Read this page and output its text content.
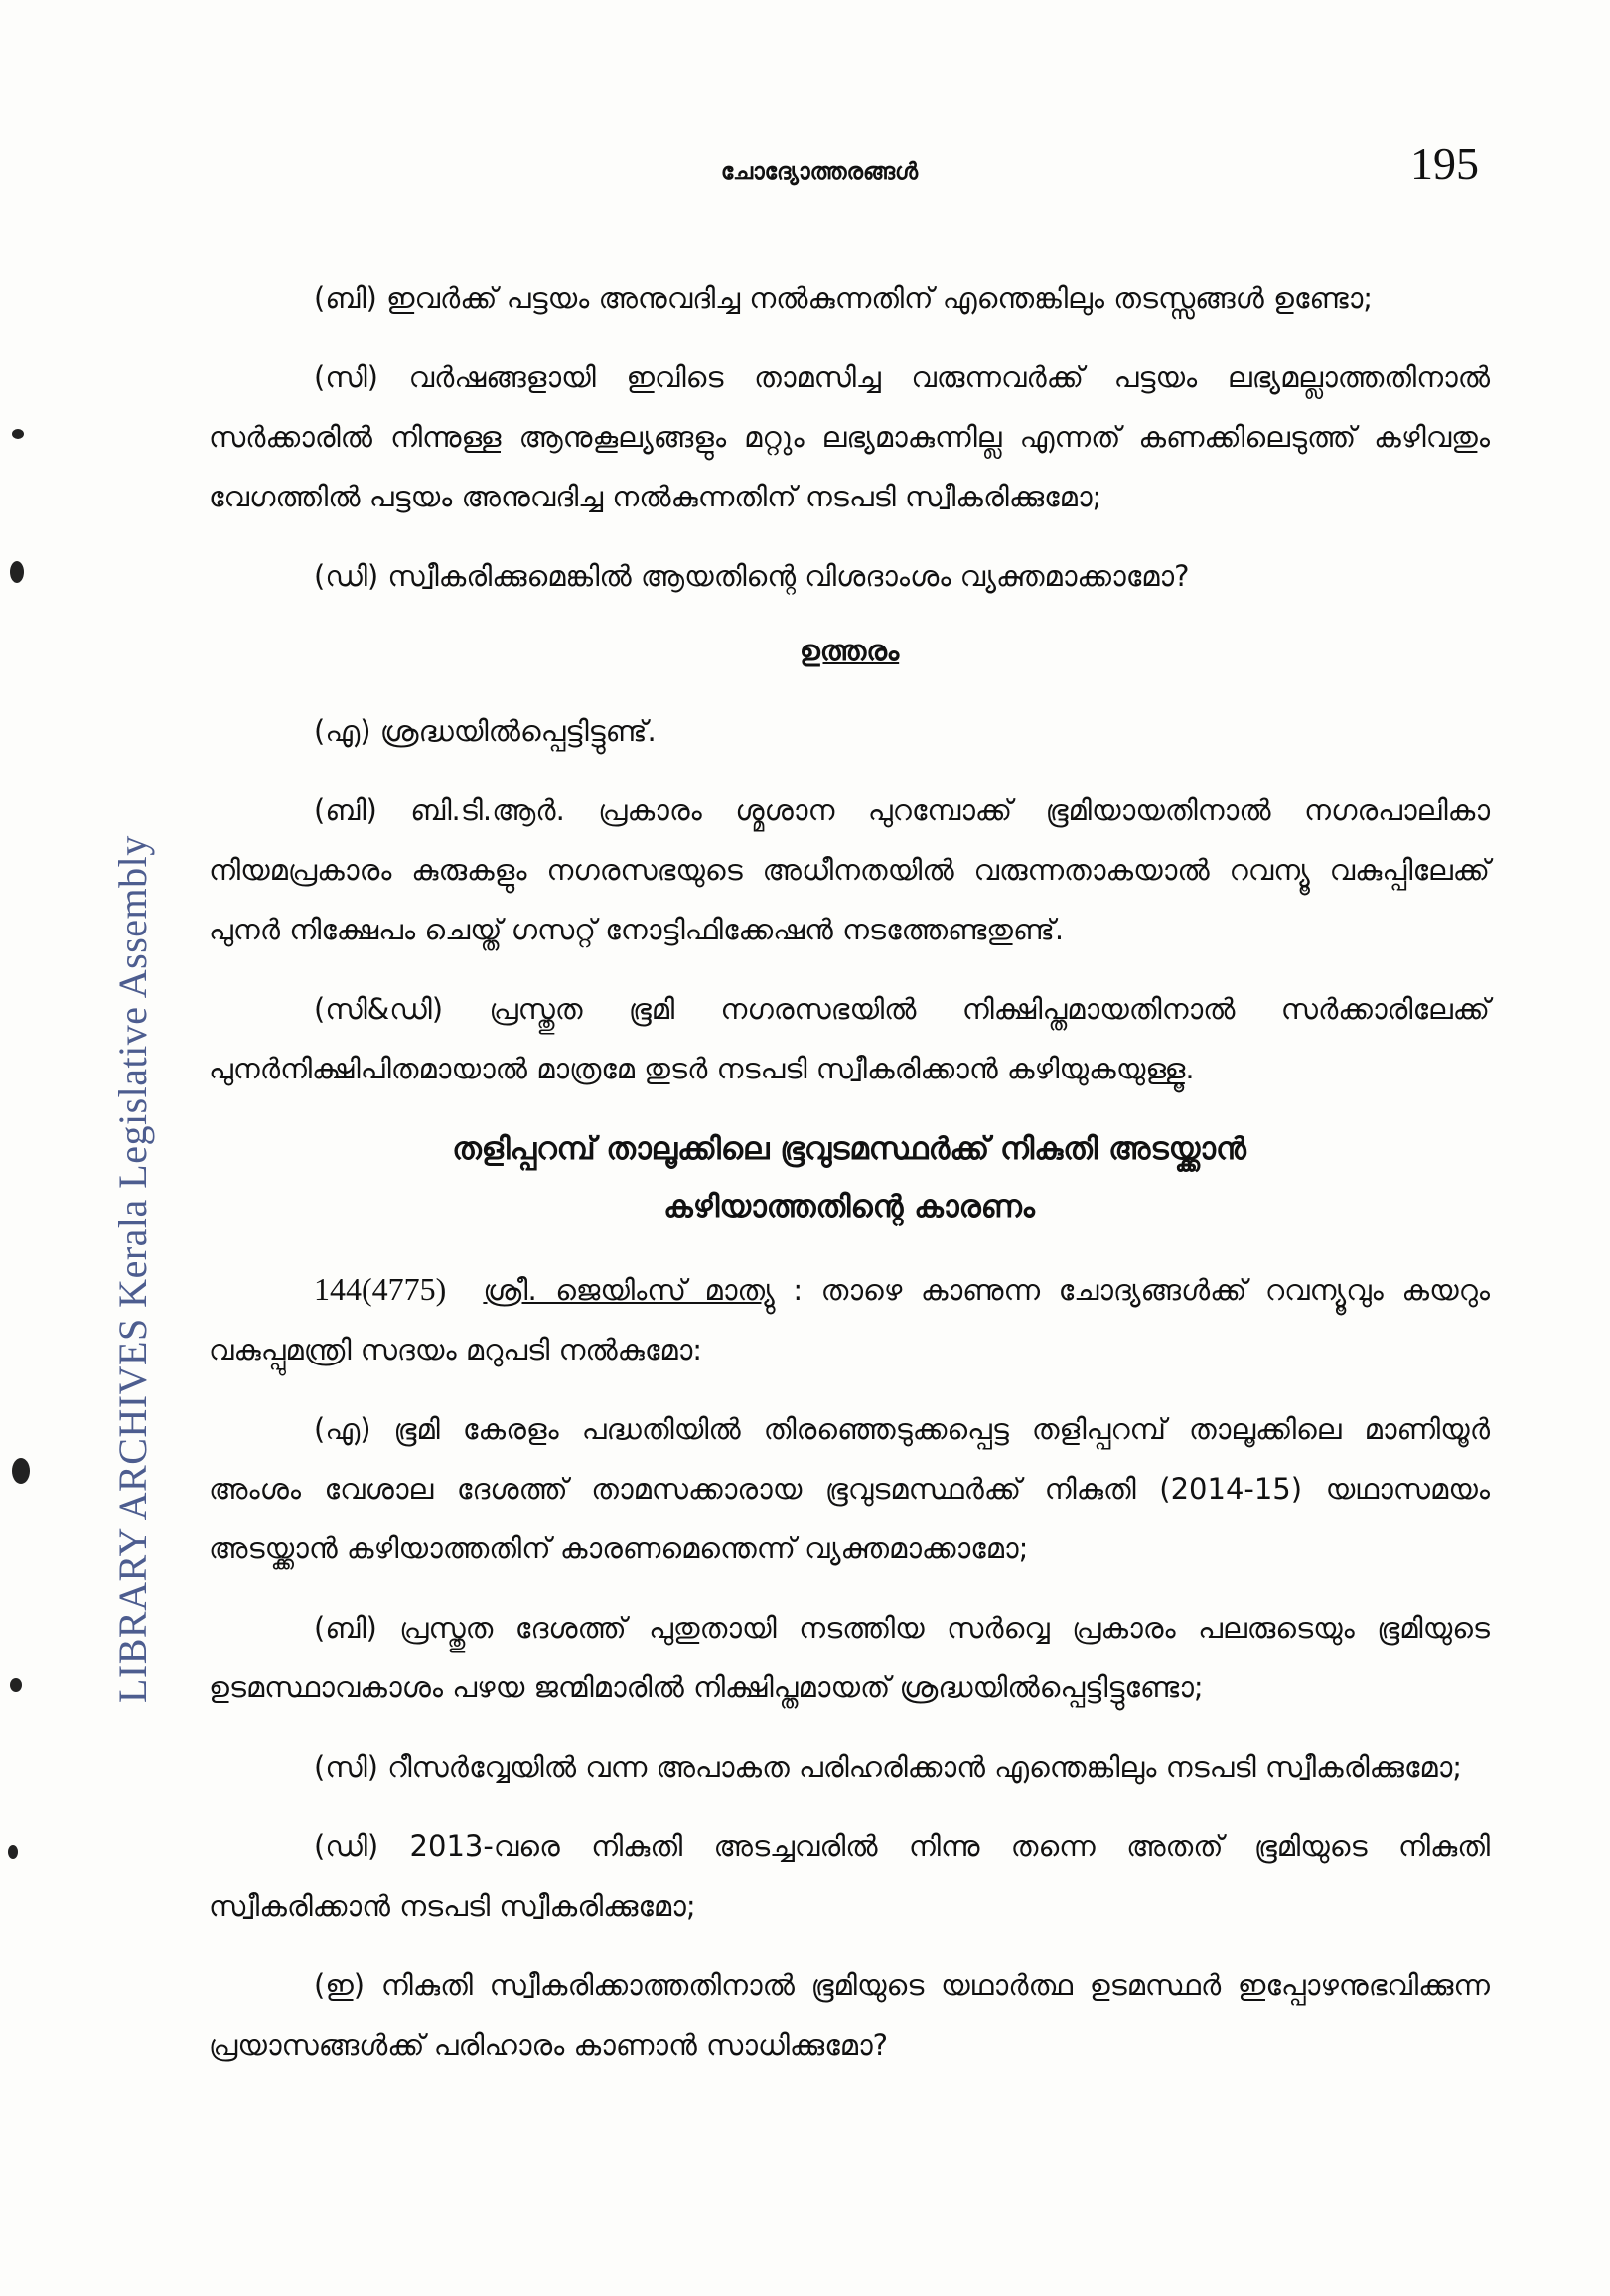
LIBRARY ARCHIVES Kerala Legislative Assembly
ചോദ്യോത്തരങ്ങൾ	195

(ബി) ഇവർക്ക് പട്ടയം അനുവദിച്ച നൽകുന്നതിന് എന്തെങ്കിലും തടസ്സങ്ങൾ ഉണ്ടോ;

(സി) വർഷങ്ങളായി ഇവിടെ താമസിച്ച വരുന്നവർക്ക് പട്ടയം ലഭ്യമല്ലാത്തതിനാൽ സർക്കാരിൽ നിന്നുള്ള ആനുകൂല്യങ്ങളും മറ്റും ലഭ്യമാകുന്നില്ല എന്നത് കണക്കിലെടുത്ത് കഴിവതും വേഗത്തിൽ പട്ടയം അനുവദിച്ച നൽകുന്നതിന് നടപടി സ്വീകരിക്കുമോ;

(ഡി) സ്വീകരിക്കുമെങ്കിൽ ആയതിന്റെ വിശദാംശം വ്യക്തമാക്കാമോ?

ഉത്തരം

(എ) ശ്രദ്ധയിൽപ്പെട്ടിട്ടുണ്ട്.

(ബി) ബി.ടി.ആർ. പ്രകാരം ശ്മശാന പുറമ്പോക്ക് ഭൂമിയായതിനാൽ നഗരപാലികാ നിയമപ്രകാരം കുരുകളും നഗരസഭയുടെ അധീനതയിൽ വരുന്നതാകയാൽ റവന്യൂ വകുപ്പിലേക്ക് പുനർ നിക്ഷേപം ചെയ്ത് ഗസറ്റ് നോട്ടിഫിക്കേഷൻ നടത്തേണ്ടതുണ്ട്.

(സി&ഡി) പ്രസ്തുത ഭൂമി നഗരസഭയിൽ നിക്ഷിപ്തമായതിനാൽ സർക്കാരിലേക്ക് പുനർനിക്ഷിപിതമായാൽ മാത്രമേ തുടർ നടപടി സ്വീകരിക്കാൻ കഴിയുകയുള്ളൂ.

തളിപ്പറമ്പ് താലൂക്കിലെ ഭൂവുടമസ്ഥർക്ക് നികുതി അടയ്ക്കാൻ
കഴിയാത്തതിന്റെ കാരണം

144(4775) ശ്രീ. ജെയിംസ് മാത്യു : താഴെ കാണുന്ന ചോദ്യങ്ങൾക്ക് റവന്യൂവും കയറും വകുപ്പുമന്ത്രി സദയം മറുപടി നൽകുമോ:

(എ) ഭൂമി കേരളം പദ്ധതിയിൽ തിരഞ്ഞെടുക്കപ്പെട്ട തളിപ്പറമ്പ് താലൂക്കിലെ മാണിയൂർ അംശം വേശാല ദേശത്ത് താമസക്കാരായ ഭൂവുടമസ്ഥർക്ക് നികുതി (2014-15) യഥാസമയം അടയ്ക്കാൻ കഴിയാത്തതിന് കാരണമെന്തെന്ന് വ്യക്തമാക്കാമോ;

(ബി) പ്രസ്തുത ദേശത്ത് പുതുതായി നടത്തിയ സർവ്വെ പ്രകാരം പലരുടെയും ഭൂമിയുടെ ഉടമസ്ഥാവകാശം പഴയ ജന്മിമാരിൽ നിക്ഷിപ്തമായത് ശ്രദ്ധയിൽപ്പെട്ടിട്ടുണ്ടോ;

(സി) റീസർവ്വേയിൽ വന്ന അപാകത പരിഹരിക്കാൻ എന്തെങ്കിലും നടപടി സ്വീകരിക്കുമോ;

(ഡി) 2013-വരെ നികുതി അടച്ചവരിൽ നിന്നു തന്നെ അതത് ഭൂമിയുടെ നികുതി സ്വീകരിക്കാൻ നടപടി സ്വീകരിക്കുമോ;

(ഇ) നികുതി സ്വീകരിക്കാത്തതിനാൽ ഭൂമിയുടെ യഥാർത്ഥ ഉടമസ്ഥർ ഇപ്പോഴനുഭവിക്കുന്ന പ്രയാസങ്ങൾക്ക് പരിഹാരം കാണാൻ സാധിക്കുമോ?
